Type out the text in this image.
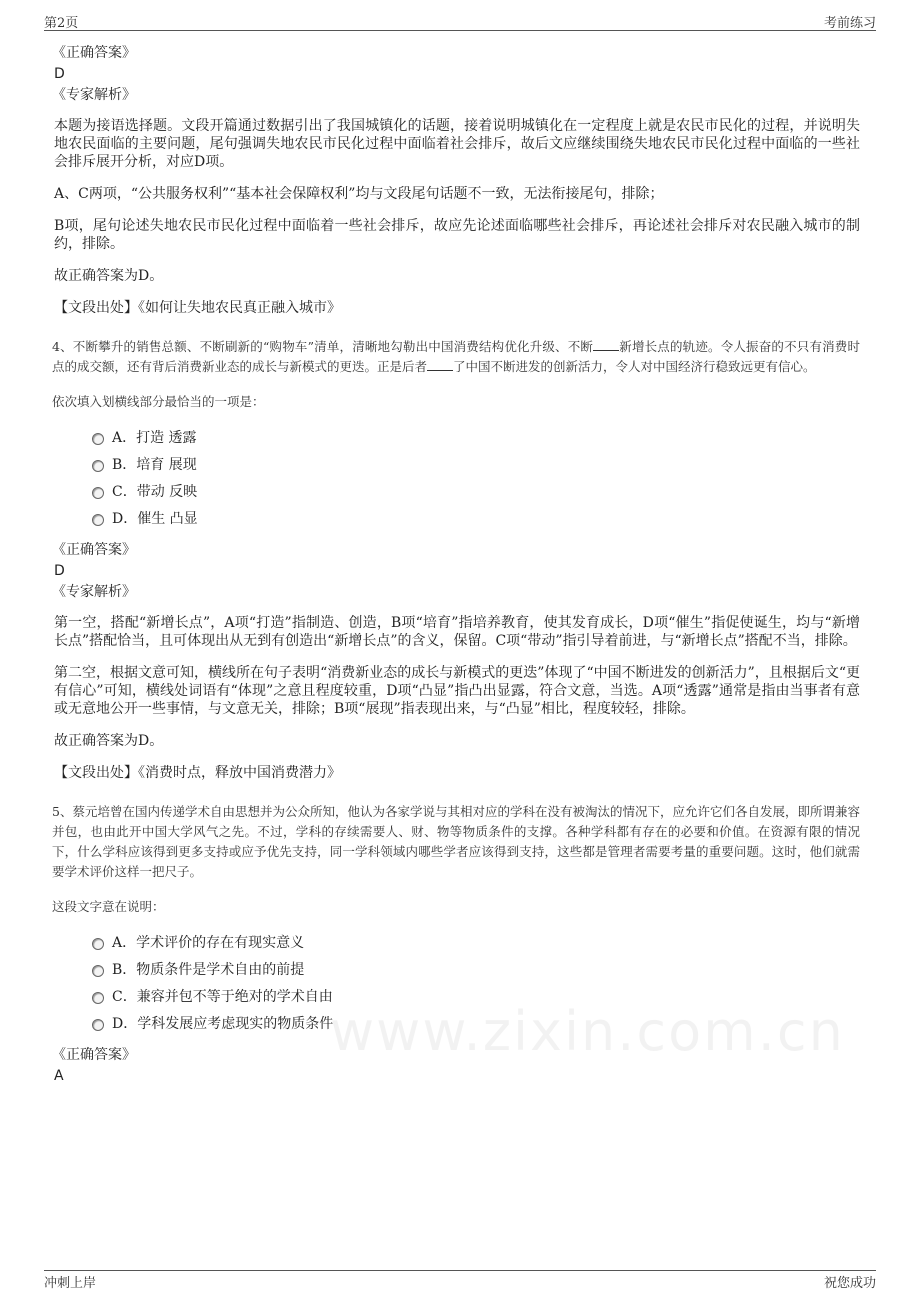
第2页	考前练习
www.zixin.com.cn
《正确答案》
D
《专家解析》

本题为接语选择题。文段开篇通过数据引出了我国城镇化的话题，接着说明城镇化在一定程度上就是农民市民化的过程，并说明失地农民面临的主要问题，尾句强调失地农民市民化过程中面临着社会排斥，故后文应继续围绕失地农民市民化过程中面临的一些社会排斥展开分析，对应D项。

A、C两项，“公共服务权利”“基本社会保障权利”均与文段尾句话题不一致，无法衔接尾句，排除；

B项，尾句论述失地农民市民化过程中面临着一些社会排斥，故应先论述面临哪些社会排斥，再论述社会排斥对农民融入城市的制约，排除。

故正确答案为D。

【文段出处】《如何让失地农民真正融入城市》

4、不断攀升的销售总额、不断刷新的“购物车”清单，清晰地勾勒出中国消费结构优化升级、不断 新增长点的轨迹。令人振奋的不只有消费时点的成交额，还有背后消费新业态的成长与新模式的更迭。正是后者 了中国不断进发的创新活力，令人对中国经济行稳致远更有信心。

依次填入划横线部分最恰当的一项是：

A．打造 透露
B．培育 展现
C．带动 反映
D．催生 凸显
《正确答案》
D
《专家解析》

第一空，搭配“新增长点”，A项“打造”指制造、创造，B项“培育”指培养教育，使其发育成长，D项“催生”指促使诞生，均与“新增长点”搭配恰当，且可体现出从无到有创造出“新增长点”的含义，保留。C项“带动”指引导着前进，与“新增长点”搭配不当，排除。

第二空，根据文意可知，横线所在句子表明“消费新业态的成长与新模式的更迭”体现了“中国不断进发的创新活力”，且根据后文“更有信心”可知，横线处词语有“体现”之意且程度较重，D项“凸显”指凸出显露，符合文意，当选。A项“透露”通常是指由当事者有意或无意地公开一些事情，与文意无关，排除；B项“展现”指表现出来，与“凸显”相比，程度较轻，排除。

故正确答案为D。

【文段出处】《消费时点，释放中国消费潜力》

5、蔡元培曾在国内传递学术自由思想并为公众所知，他认为各家学说与其相对应的学科在没有被淘汰的情况下，应允许它们各自发展，即所谓兼容并包，也由此开中国大学风气之先。不过，学科的存续需要人、财、物等物质条件的支撑。各种学科都有存在的必要和价值。在资源有限的情况下，什么学科应该得到更多支持或应予优先支持，同一学科领域内哪些学者应该得到支持，这些都是管理者需要考量的重要问题。这时，他们就需要学术评价这样一把尺子。

这段文字意在说明：

A．学术评价的存在有现实意义
B．物质条件是学术自由的前提
C．兼容并包不等于绝对的学术自由
D．学科发展应考虑现实的物质条件
《正确答案》
A
冲刺上岸	祝您成功
